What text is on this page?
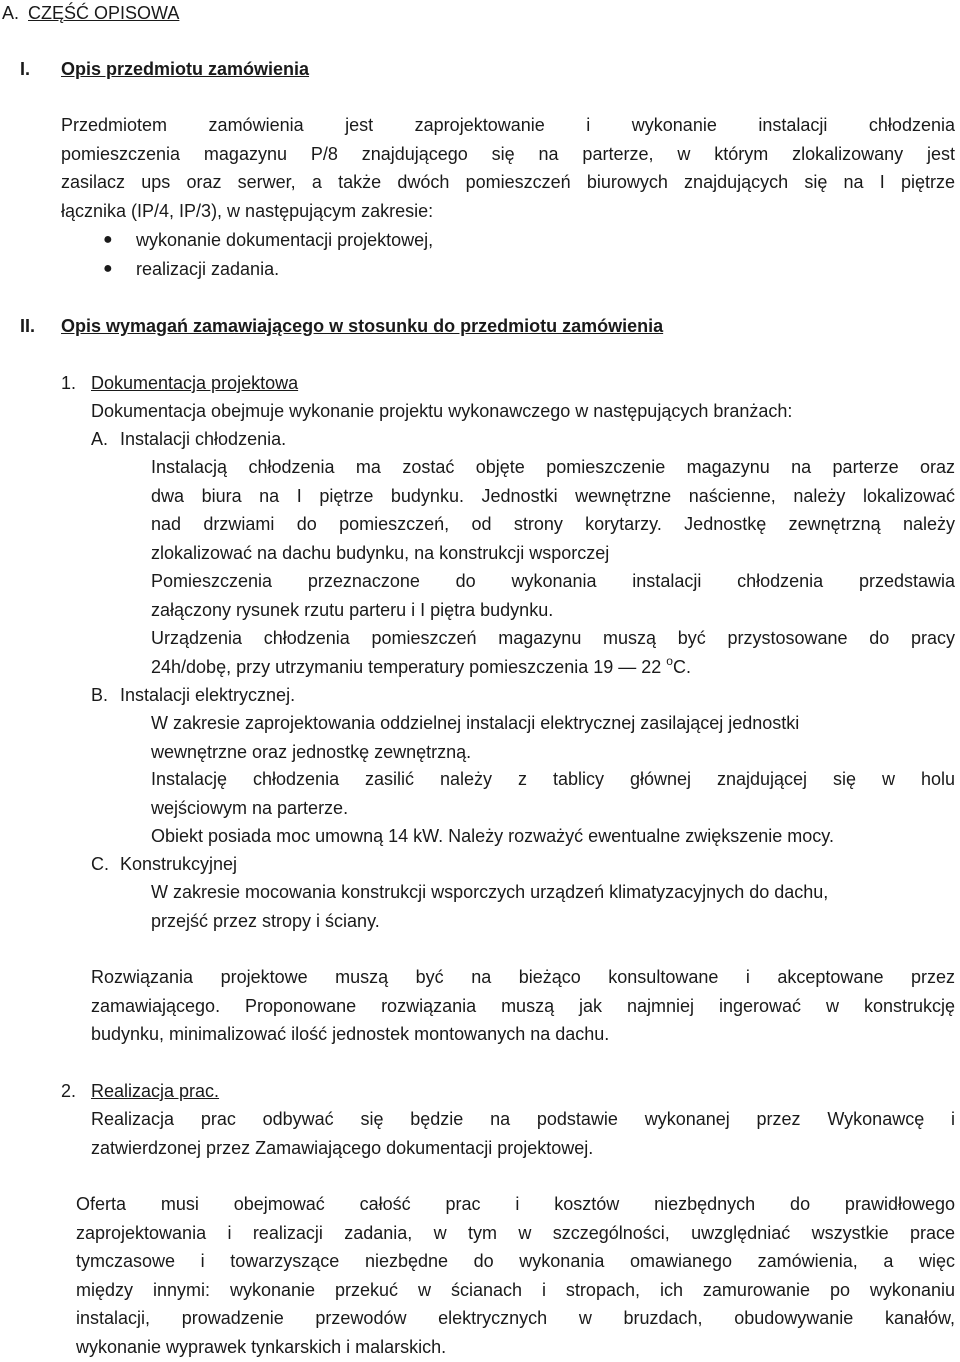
A. CZĘŚĆ OPISOWA
I. Opis przedmiotu zamówienia

Przedmiotem zamówienia jest zaprojektowanie i wykonanie instalacji chłodzenia

pomieszczenia magazynu P/8 znajdującego się na parterze, w którym zlokalizowany jest

zasilacz ups oraz serwer, a także dwóch pomieszczeń biurowych znajdujących się na I piętrze

łącznika (IP/4, IP/3), w następującym zakresie:

● wykonanie dokumentacji projektowej,
● realizacji zadania.
II. Opis wymagań zamawiającego w stosunku do przedmiotu zamówienia
1. Dokumentacja projektowa
Dokumentacja obejmuje wykonanie projektu wykonawczego w następujących branżach:
A. Instalacji chłodzenia.

Instalacją chłodzenia ma zostać objęte pomieszczenie magazynu na parterze oraz

dwa biura na I piętrze budynku. Jednostki wewnętrzne naścienne, należy lokalizować

nad drzwiami do pomieszczeń, od strony korytarzy. Jednostkę zewnętrzną należy

zlokalizować na dachu budynku, na konstrukcji wsporczej

Pomieszczenia przeznaczone do wykonania instalacji chłodzenia przedstawia

załączony rysunek rzutu parteru i I piętra budynku.

Urządzenia chłodzenia pomieszczeń magazynu muszą być przystosowane do pracy

24h/dobę, przy utrzymaniu temperatury pomieszczenia 19 — 22 $^o$C.

B. Instalacji elektrycznej.

W zakresie zaprojektowania oddzielnej instalacji elektrycznej zasilającej jednostki

wewnętrzne oraz jednostkę zewnętrzną.

Instalację chłodzenia zasilić należy z tablicy głównej znajdującej się w holu

wejściowym na parterze.

Obiekt posiada moc umowną 14 kW. Należy rozważyć ewentualne zwiększenie mocy.
C. Konstrukcyjnej

W zakresie mocowania konstrukcji wsporczych urządzeń klimatyzacyjnych do dachu,

przejść przez stropy i ściany.

Rozwiązania projektowe muszą być na bieżąco konsultowane i akceptowane przez

zamawiającego. Proponowane rozwiązania muszą jak najmniej ingerować w konstrukcję

budynku, minimalizować ilość jednostek montowanych na dachu.

2. Realizacja prac.

Realizacja prac odbywać się będzie na podstawie wykonanej przez Wykonawcę i

zatwierdzonej przez Zamawiającego dokumentacji projektowej.

Oferta musi obejmować całość prac i kosztów niezbędnych do prawidłowego

zaprojektowania i realizacji zadania, w tym w szczególności, uwzględniać wszystkie prace

tymczasowe i towarzyszące niezbędne do wykonania omawianego zamówienia, a więc

między innymi: wykonanie przekuć w ścianach i stropach, ich zamurowanie po wykonaniu

instalacji, prowadzenie przewodów elektrycznych w bruzdach, obudowywanie kanałów,

wykonanie wyprawek tynkarskich i malarskich.
